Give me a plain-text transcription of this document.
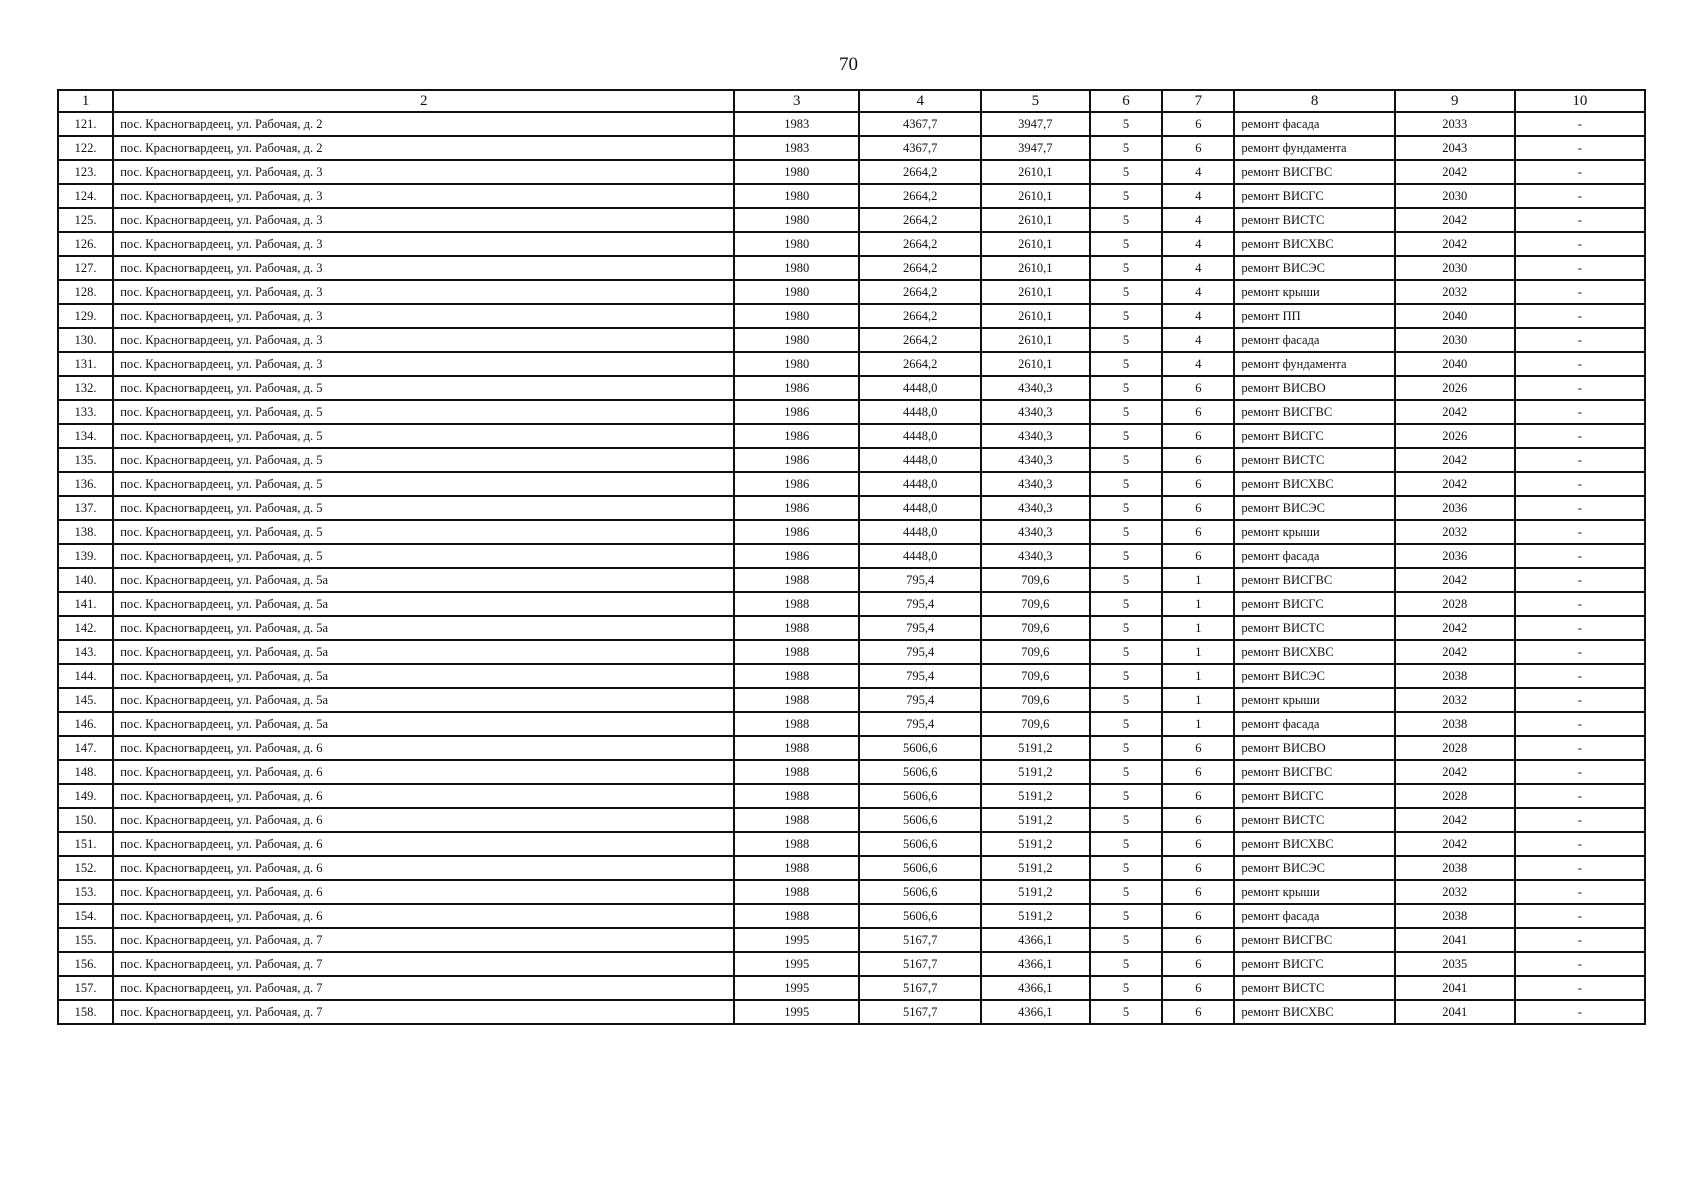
70
1	2	3	4	5	6	7	8	9	10
121.	пос. Красногвардеец, ул. Рабочая, д. 2	1983	4367,7	3947,7	5	6	ремонт фасада	2033	-
122.	пос. Красногвардеец, ул. Рабочая, д. 2	1983	4367,7	3947,7	5	6	ремонт фундамента	2043	-
123.	пос. Красногвардеец, ул. Рабочая, д. 3	1980	2664,2	2610,1	5	4	ремонт ВИСГВС	2042	-
124.	пос. Красногвардеец, ул. Рабочая, д. 3	1980	2664,2	2610,1	5	4	ремонт ВИСГС	2030	-
125.	пос. Красногвардеец, ул. Рабочая, д. 3	1980	2664,2	2610,1	5	4	ремонт ВИСТС	2042	-
126.	пос. Красногвардеец, ул. Рабочая, д. 3	1980	2664,2	2610,1	5	4	ремонт ВИСХВС	2042	-
127.	пос. Красногвардеец, ул. Рабочая, д. 3	1980	2664,2	2610,1	5	4	ремонт ВИСЭС	2030	-
128.	пос. Красногвардеец, ул. Рабочая, д. 3	1980	2664,2	2610,1	5	4	ремонт крыши	2032	-
129.	пос. Красногвардеец, ул. Рабочая, д. 3	1980	2664,2	2610,1	5	4	ремонт ПП	2040	-
130.	пос. Красногвардеец, ул. Рабочая, д. 3	1980	2664,2	2610,1	5	4	ремонт фасада	2030	-
131.	пос. Красногвардеец, ул. Рабочая, д. 3	1980	2664,2	2610,1	5	4	ремонт фундамента	2040	-
132.	пос. Красногвардеец, ул. Рабочая, д. 5	1986	4448,0	4340,3	5	6	ремонт ВИСВО	2026	-
133.	пос. Красногвардеец, ул. Рабочая, д. 5	1986	4448,0	4340,3	5	6	ремонт ВИСГВС	2042	-
134.	пос. Красногвардеец, ул. Рабочая, д. 5	1986	4448,0	4340,3	5	6	ремонт ВИСГС	2026	-
135.	пос. Красногвардеец, ул. Рабочая, д. 5	1986	4448,0	4340,3	5	6	ремонт ВИСТС	2042	-
136.	пос. Красногвардеец, ул. Рабочая, д. 5	1986	4448,0	4340,3	5	6	ремонт ВИСХВС	2042	-
137.	пос. Красногвардеец, ул. Рабочая, д. 5	1986	4448,0	4340,3	5	6	ремонт ВИСЭС	2036	-
138.	пос. Красногвардеец, ул. Рабочая, д. 5	1986	4448,0	4340,3	5	6	ремонт крыши	2032	-
139.	пос. Красногвардеец, ул. Рабочая, д. 5	1986	4448,0	4340,3	5	6	ремонт фасада	2036	-
140.	пос. Красногвардеец, ул. Рабочая, д. 5а	1988	795,4	709,6	5	1	ремонт ВИСГВС	2042	-
141.	пос. Красногвардеец, ул. Рабочая, д. 5а	1988	795,4	709,6	5	1	ремонт ВИСГС	2028	-
142.	пос. Красногвардеец, ул. Рабочая, д. 5а	1988	795,4	709,6	5	1	ремонт ВИСТС	2042	-
143.	пос. Красногвардеец, ул. Рабочая, д. 5а	1988	795,4	709,6	5	1	ремонт ВИСХВС	2042	-
144.	пос. Красногвардеец, ул. Рабочая, д. 5а	1988	795,4	709,6	5	1	ремонт ВИСЭС	2038	-
145.	пос. Красногвардеец, ул. Рабочая, д. 5а	1988	795,4	709,6	5	1	ремонт крыши	2032	-
146.	пос. Красногвардеец, ул. Рабочая, д. 5а	1988	795,4	709,6	5	1	ремонт фасада	2038	-
147.	пос. Красногвардеец, ул. Рабочая, д. 6	1988	5606,6	5191,2	5	6	ремонт ВИСВО	2028	-
148.	пос. Красногвардеец, ул. Рабочая, д. 6	1988	5606,6	5191,2	5	6	ремонт ВИСГВС	2042	-
149.	пос. Красногвардеец, ул. Рабочая, д. 6	1988	5606,6	5191,2	5	6	ремонт ВИСГС	2028	-
150.	пос. Красногвардеец, ул. Рабочая, д. 6	1988	5606,6	5191,2	5	6	ремонт ВИСТС	2042	-
151.	пос. Красногвардеец, ул. Рабочая, д. 6	1988	5606,6	5191,2	5	6	ремонт ВИСХВС	2042	-
152.	пос. Красногвардеец, ул. Рабочая, д. 6	1988	5606,6	5191,2	5	6	ремонт ВИСЭС	2038	-
153.	пос. Красногвардеец, ул. Рабочая, д. 6	1988	5606,6	5191,2	5	6	ремонт крыши	2032	-
154.	пос. Красногвардеец, ул. Рабочая, д. 6	1988	5606,6	5191,2	5	6	ремонт фасада	2038	-
155.	пос. Красногвардеец, ул. Рабочая, д. 7	1995	5167,7	4366,1	5	6	ремонт ВИСГВС	2041	-
156.	пос. Красногвардеец, ул. Рабочая, д. 7	1995	5167,7	4366,1	5	6	ремонт ВИСГС	2035	-
157.	пос. Красногвардеец, ул. Рабочая, д. 7	1995	5167,7	4366,1	5	6	ремонт ВИСТС	2041	-
158.	пос. Красногвардеец, ул. Рабочая, д. 7	1995	5167,7	4366,1	5	6	ремонт ВИСХВС	2041	-
